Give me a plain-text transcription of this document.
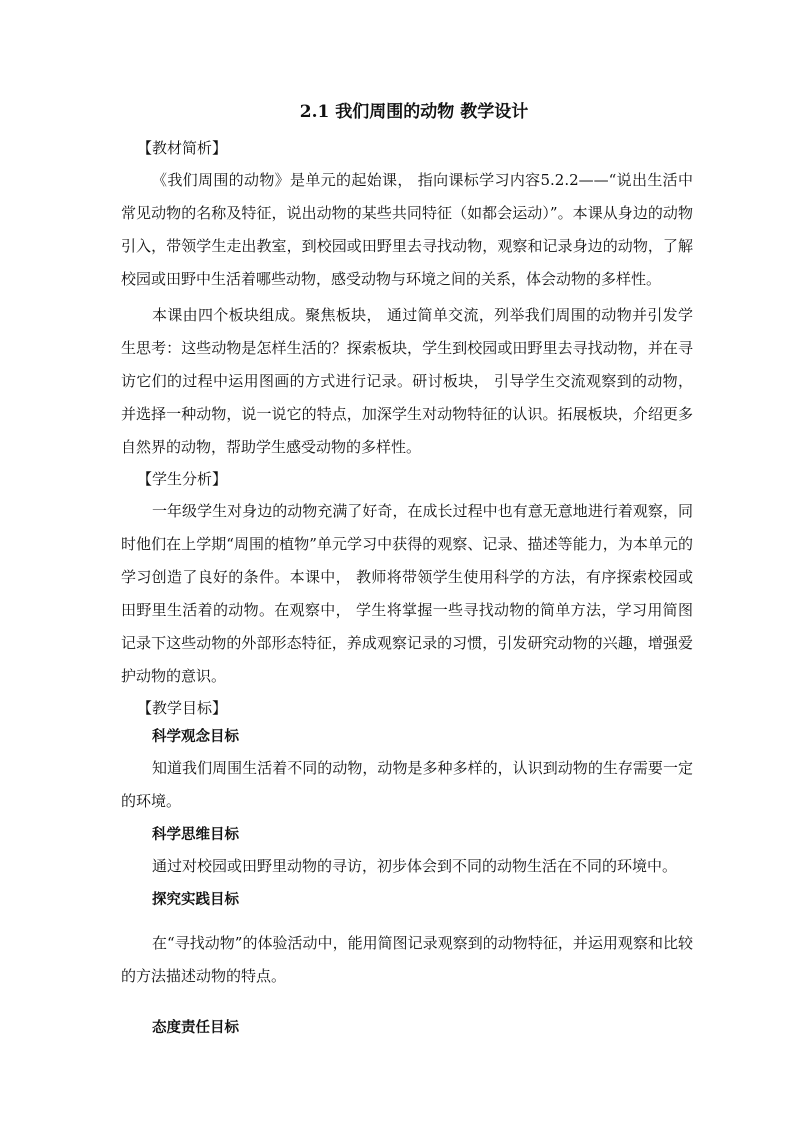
2.1 我们周围的动物 教学设计
【教材简析】

《我们周围的动物》是单元的起始课， 指向课标学习内容5.2.2——“说出生活中常见动物的名称及特征，说出动物的某些共同特征（如都会运动）”。本课从身边的动物引入，带领学生走出教室，到校园或田野里去寻找动物，观察和记录身边的动物，了解校园或田野中生活着哪些动物，感受动物与环境之间的关系，体会动物的多样性。

本课由四个板块组成。聚焦板块， 通过简单交流，列举我们周围的动物并引发学生思考：这些动物是怎样生活的？探索板块，学生到校园或田野里去寻找动物，并在寻访它们的过程中运用图画的方式进行记录。研讨板块， 引导学生交流观察到的动物，并选择一种动物，说一说它的特点，加深学生对动物特征的认识。拓展板块，介绍更多自然界的动物，帮助学生感受动物的多样性。

【学生分析】

一年级学生对身边的动物充满了好奇，在成长过程中也有意无意地进行着观察，同时他们在上学期“周围的植物”单元学习中获得的观察、记录、描述等能力，为本单元的学习创造了良好的条件。本课中， 教师将带领学生使用科学的方法，有序探索校园或田野里生活着的动物。在观察中， 学生将掌握一些寻找动物的简单方法，学习用简图记录下这些动物的外部形态特征，养成观察记录的习惯，引发研究动物的兴趣，增强爱护动物的意识。

【教学目标】
科学观念目标

知道我们周围生活着不同的动物，动物是多种多样的，认识到动物的生存需要一定的环境。

科学思维目标

通过对校园或田野里动物的寻访，初步体会到不同的动物生活在不同的环境中。

探究实践目标

在“寻找动物”的体验活动中，能用简图记录观察到的动物特征，并运用观察和比较的方法描述动物的特点。

态度责任目标
